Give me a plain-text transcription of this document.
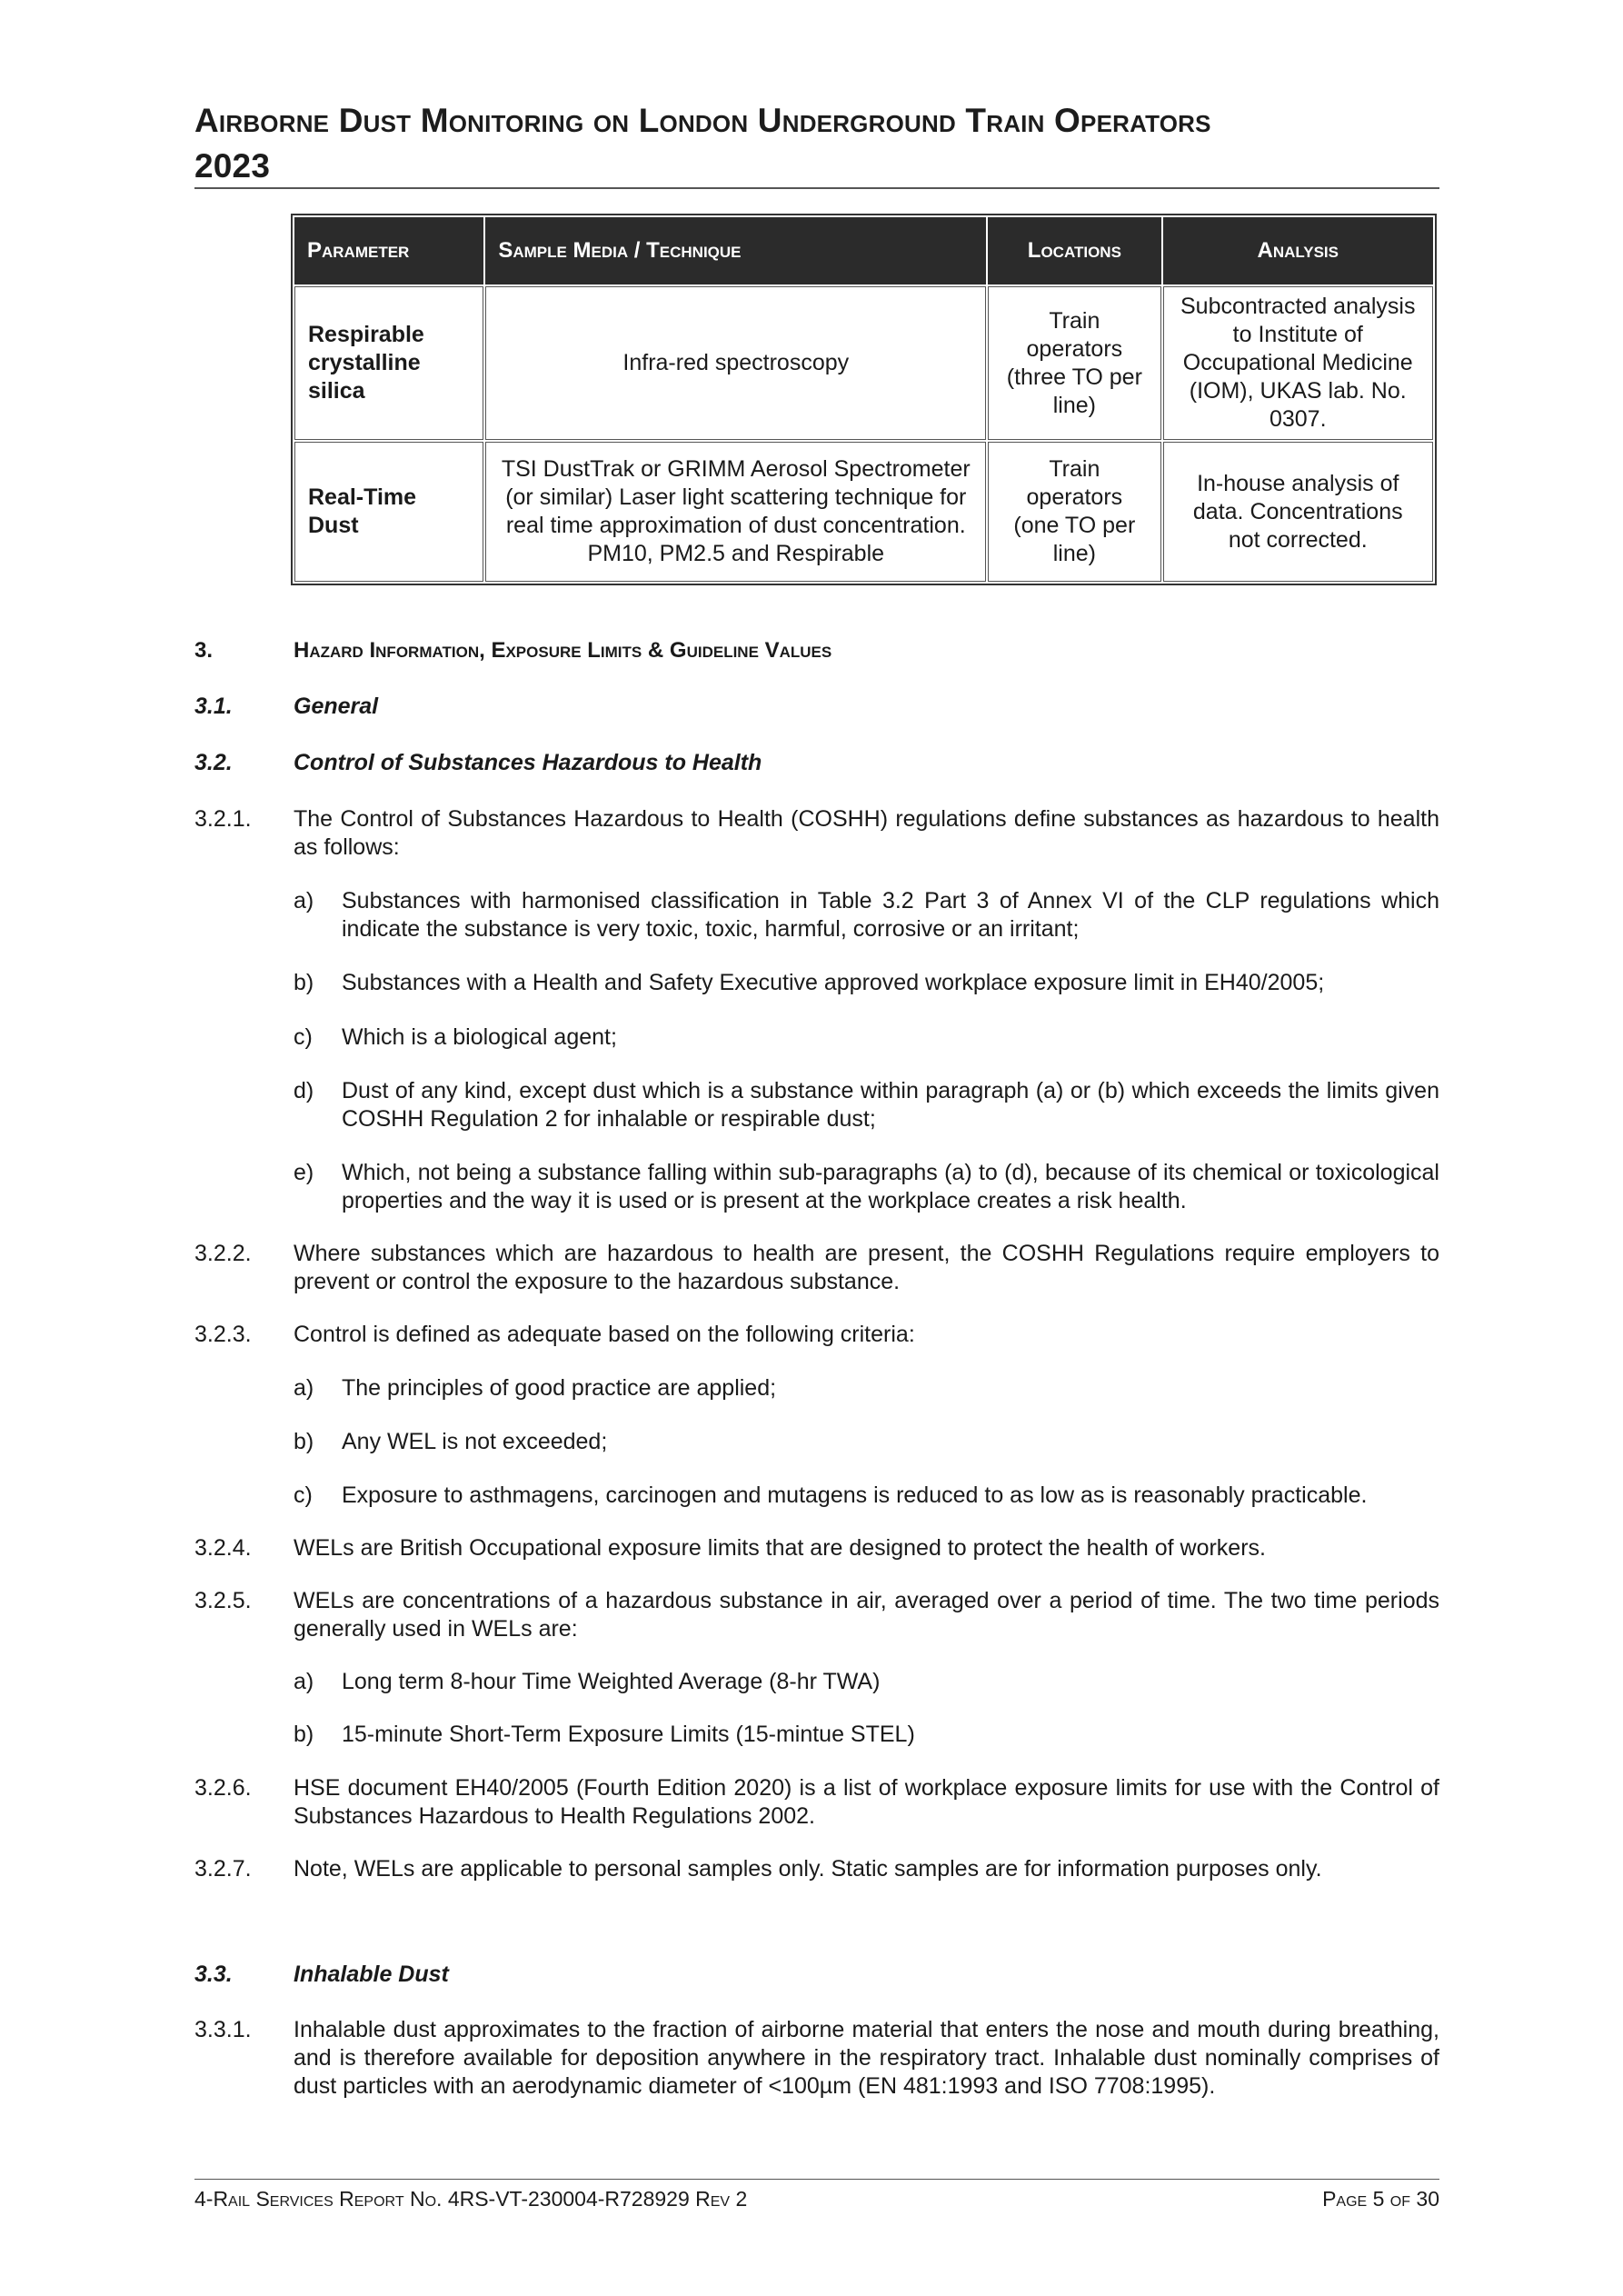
Airborne Dust Monitoring on London Underground Train Operators
2023
Parameter	Sample Media / Technique	Locations	Analysis
Respirable crystalline silica	Infra-red spectroscopy	Train operators (three TO per line)	Subcontracted analysis to Institute of Occupational Medicine (IOM), UKAS lab. No. 0307.
Real-Time Dust	TSI DustTrak or GRIMM Aerosol Spectrometer (or similar) Laser light scattering technique for real time approximation of dust concentration. PM10, PM2.5 and Respirable	Train operators (one TO per line)	In-house analysis of data. Concentrations not corrected.
3.	Hazard Information, Exposure Limits & Guideline Values
3.1.	General
3.2.	Control of Substances Hazardous to Health
3.2.1.	The Control of Substances Hazardous to Health (COSHH) regulations define substances as hazardous to health as follows:
a)	Substances with harmonised classification in Table 3.2 Part 3 of Annex VI of the CLP regulations which indicate the substance is very toxic, toxic, harmful, corrosive or an irritant;
b)	Substances with a Health and Safety Executive approved workplace exposure limit in EH40/2005;
c)	Which is a biological agent;
d)	Dust of any kind, except dust which is a substance within paragraph (a) or (b) which exceeds the limits given COSHH Regulation 2 for inhalable or respirable dust;
e)	Which, not being a substance falling within sub-paragraphs (a) to (d), because of its chemical or toxicological properties and the way it is used or is present at the workplace creates a risk health.
3.2.2.	Where substances which are hazardous to health are present, the COSHH Regulations require employers to prevent or control the exposure to the hazardous substance.
3.2.3.	Control is defined as adequate based on the following criteria:
a)	The principles of good practice are applied;
b)	Any WEL is not exceeded;
c)	Exposure to asthmagens, carcinogen and mutagens is reduced to as low as is reasonably practicable.
3.2.4.	WELs are British Occupational exposure limits that are designed to protect the health of workers.
3.2.5.	WELs are concentrations of a hazardous substance in air, averaged over a period of time. The two time periods generally used in WELs are:
a)	Long term 8-hour Time Weighted Average (8-hr TWA)
b)	15-minute Short-Term Exposure Limits (15-mintue STEL)
3.2.6.	HSE document EH40/2005 (Fourth Edition 2020) is a list of workplace exposure limits for use with the Control of Substances Hazardous to Health Regulations 2002.
3.2.7.	Note, WELs are applicable to personal samples only. Static samples are for information purposes only.
3.3.	Inhalable Dust
3.3.1.	Inhalable dust approximates to the fraction of airborne material that enters the nose and mouth during breathing, and is therefore available for deposition anywhere in the respiratory tract. Inhalable dust nominally comprises of dust particles with an aerodynamic diameter of <100µm (EN 481:1993 and ISO 7708:1995).
4-Rail Services Report No. 4RS-VT-230004-R728929 Rev 2	Page 5 of 30
